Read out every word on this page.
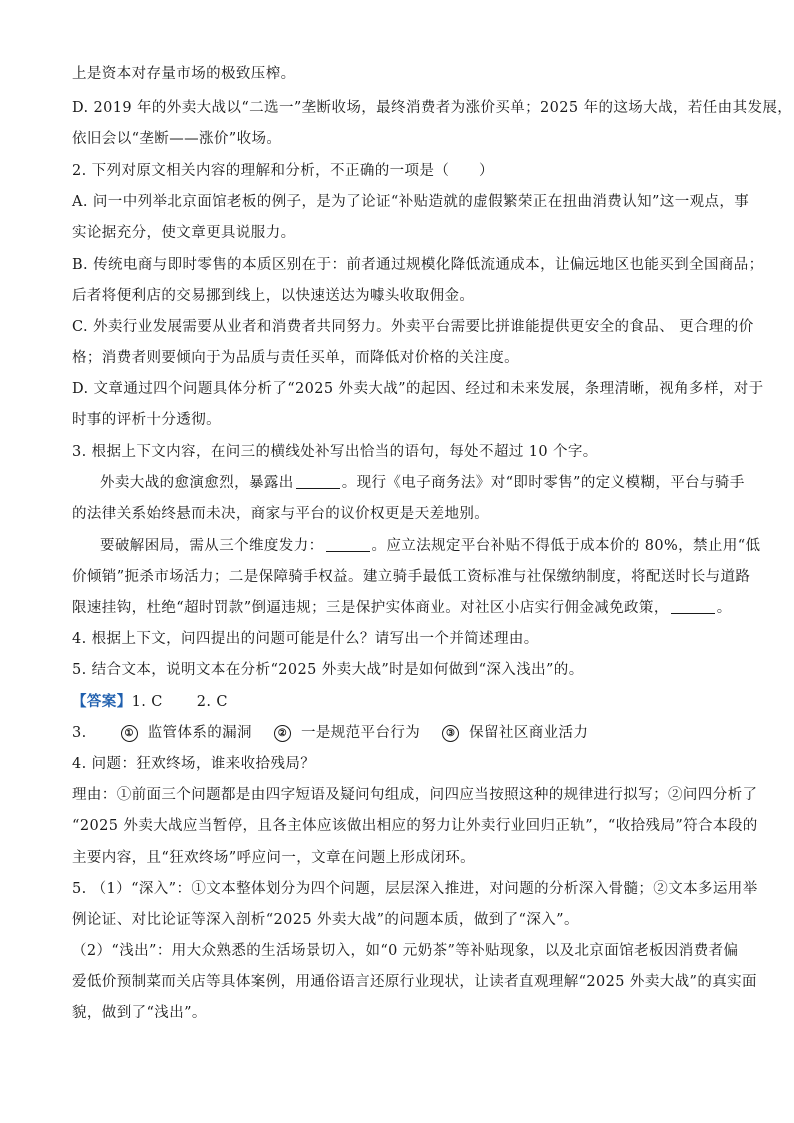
上是资本对存量市场的极致压榨。
D. 2019 年的外卖大战以“二选一”垄断收场，最终消费者为涨价买单；2025 年的这场大战，若任由其发展，
依旧会以“垄断——涨价”收场。
2. 下列对原文相关内容的理解和分析，不正确的一项是（　　）
A. 问一中列举北京面馆老板的例子，是为了论证“补贴造就的虚假繁荣正在扭曲消费认知”这一观点，事
实论据充分，使文章更具说服力。
B. 传统电商与即时零售的本质区别在于：前者通过规模化降低流通成本，让偏远地区也能买到全国商品；
后者将便利店的交易挪到线上，以快速送达为噱头收取佣金。
C. 外卖行业发展需要从业者和消费者共同努力。外卖平台需要比拼谁能提供更安全的食品、 更合理的价
格；消费者则要倾向于为品质与责任买单，而降低对价格的关注度。
D. 文章通过四个问题具体分析了“2025 外卖大战”的起因、经过和未来发展，条理清晰，视角多样，对于
时事的评析十分透彻。
3. 根据上下文内容，在问三的横线处补写出恰当的语句，每处不超过 10 个字。
外卖大战的愈演愈烈，暴露出	。现行《电子商务法》对“即时零售”的定义模糊，平台与骑手
的法律关系始终悬而未决，商家与平台的议价权更是天差地别。
要破解困局，需从三个维度发力：	。应立法规定平台补贴不得低于成本价的 80%，禁止用“低
价倾销”扼杀市场活力；二是保障骑手权益。建立骑手最低工资标准与社保缴纳制度，将配送时长与道路
限速挂钩，杜绝“超时罚款”倒逼违规；三是保护实体商业。对社区小店实行佣金减免政策，	。
4. 根据上下文，问四提出的问题可能是什么？请写出一个并简述理由。
5. 结合文本，说明文本在分析“2025 外卖大战”时是如何做到“深入浅出”的。
【答案】1. C 2. C
3.	① 监管体系的漏洞	② 一是规范平台行为	③ 保留社区商业活力
4. 问题：狂欢终场，谁来收拾残局？
理由：①前面三个问题都是由四字短语及疑问句组成，问四应当按照这种的规律进行拟写；②问四分析了
“2025 外卖大战应当暂停，且各主体应该做出相应的努力让外卖行业回归正轨”，“收拾残局”符合本段的
主要内容，且“狂欢终场”呼应问一，文章在问题上形成闭环。
5. （1）“深入”：①文本整体划分为四个问题，层层深入推进，对问题的分析深入骨髓；②文本多运用举
例论证、对比论证等深入剖析“2025 外卖大战”的问题本质，做到了“深入”。
（2）“浅出”：用大众熟悉的生活场景切入，如“0 元奶茶”等补贴现象，以及北京面馆老板因消费者偏
爱低价预制菜而关店等具体案例，用通俗语言还原行业现状，让读者直观理解“2025 外卖大战”的真实面
貌，做到了“浅出”。
